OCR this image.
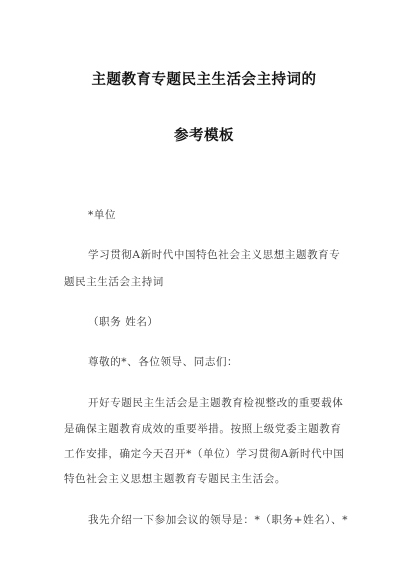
主题教育专题民主生活会主持词的
参考模板
*单位
学习贯彻A新时代中国特色社会主义思想主题教育专
题民主生活会主持词
（职务 姓名）
尊敬的*、各位领导、同志们：
开好专题民主生活会是主题教育检视整改的重要载体
是确保主题教育成效的重要举措。按照上级党委主题教育
工作安排，确定今天召开*（单位）学习贯彻A新时代中国
特色社会主义思想主题教育专题民主生活会。
我先介绍一下参加会议的领导是：*（职务+姓名）、*
